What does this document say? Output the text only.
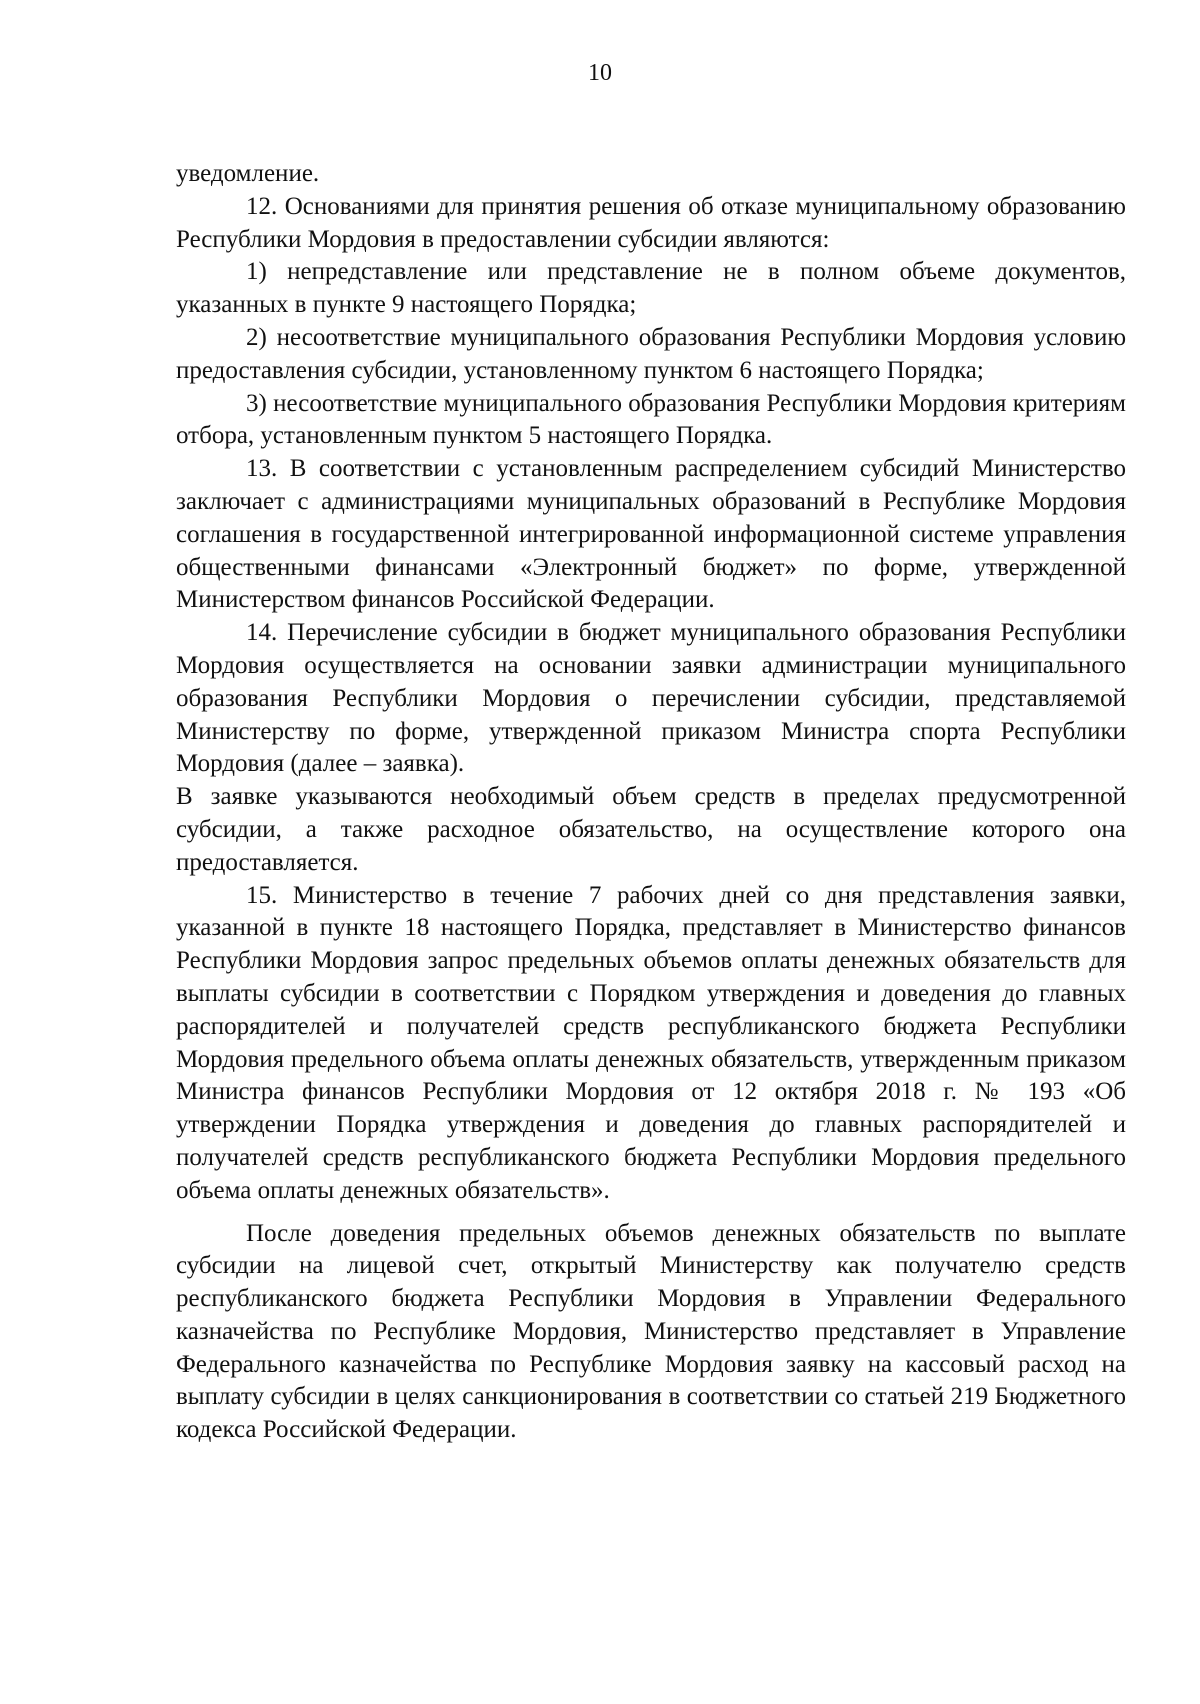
10

уведомление.

12. Основаниями для принятия решения об отказе муниципальному образованию Республики Мордовия в предоставлении субсидии являются:

1) непредставление или представление не в полном объеме документов, указанных в пункте 9 настоящего Порядка;

2) несоответствие муниципального образования Республики Мордовия условию предоставления субсидии, установленному пунктом 6 настоящего Порядка;

3) несоответствие муниципального образования Республики Мордовия критериям отбора, установленным пунктом 5 настоящего Порядка.

13. В соответствии с установленным распределением субсидий Министерство заключает с администрациями муниципальных образований в Республике Мордовия соглашения в государственной интегрированной информационной системе управления общественными финансами «Электронный бюджет» по форме, утвержденной Министерством финансов Российской Федерации.

14. Перечисление субсидии в бюджет муниципального образования Республики Мордовия осуществляется на основании заявки администрации муниципального образования Республики Мордовия о перечислении субсидии, представляемой Министерству по форме, утвержденной приказом Министра спорта Республики Мордовия (далее – заявка).

В заявке указываются необходимый объем средств в пределах предусмотренной субсидии, а также расходное обязательство, на осуществление которого она предоставляется.

15. Министерство в течение 7 рабочих дней со дня представления заявки, указанной в пункте 18 настоящего Порядка, представляет в Министерство финансов Республики Мордовия запрос предельных объемов оплаты денежных обязательств для выплаты субсидии в соответствии с Порядком утверждения и доведения до главных распорядителей и получателей средств республиканского бюджета Республики Мордовия предельного объема оплаты денежных обязательств, утвержденным приказом Министра финансов Республики Мордовия от 12 октября 2018 г. № 193 «Об утверждении Порядка утверждения и доведения до главных распорядителей и получателей средств республиканского бюджета Республики Мордовия предельного объема оплаты денежных обязательств».

После доведения предельных объемов денежных обязательств по выплате субсидии на лицевой счет, открытый Министерству как получателю средств республиканского бюджета Республики Мордовия в Управлении Федерального казначейства по Республике Мордовия, Министерство представляет в Управление Федерального казначейства по Республике Мордовия заявку на кассовый расход на выплату субсидии в целях санкционирования в соответствии со статьей 219 Бюджетного кодекса Российской Федерации.
